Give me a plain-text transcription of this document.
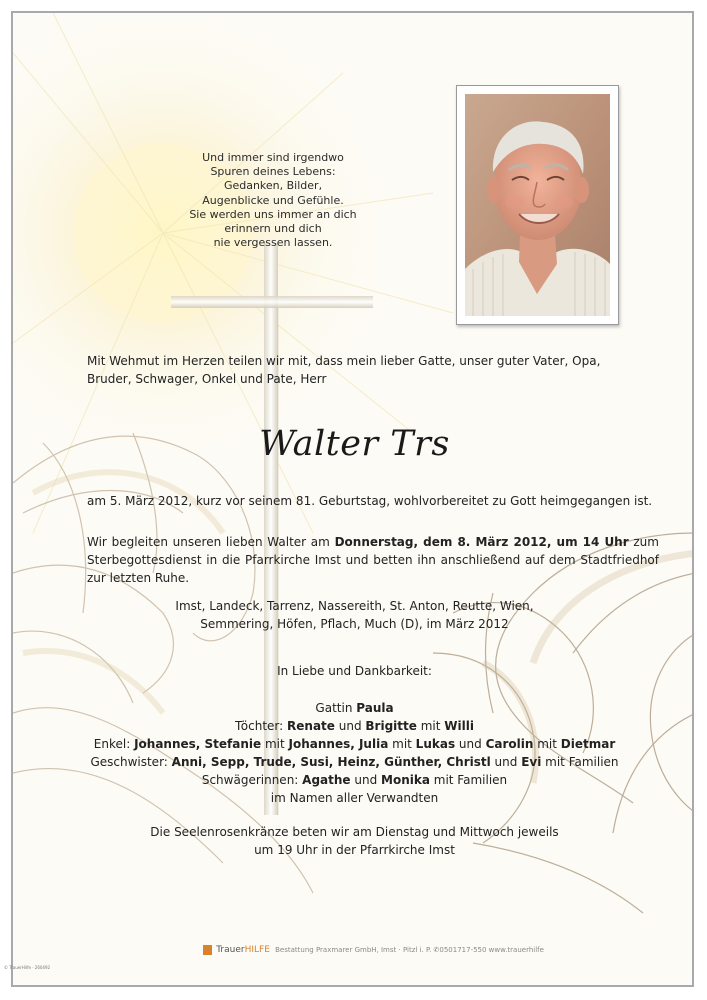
Und immer sind irgendwo
Spuren deines Lebens:
Gedanken, Bilder,
Augenblicke und Gefühle.
Sie werden uns immer an dich
erinnern und dich
nie vergessen lassen.
Mit Wehmut im Herzen teilen wir mit, dass mein lieber Gatte, unser guter Vater, Opa, Bruder, Schwager, Onkel und Pate, Herr
Walter Trs
am 5. März 2012, kurz vor seinem 81. Geburtstag, wohlvorbereitet zu Gott heimgegangen ist.
Wir begleiten unseren lieben Walter am Donnerstag, dem 8. März 2012, um 14 Uhr zum Sterbegottesdienst in die Pfarrkirche Imst und betten ihn anschließend auf dem Stadtfriedhof zur letzten Ruhe.
Imst, Landeck, Tarrenz, Nassereith, St. Anton, Reutte, Wien,
Semmering, Höfen, Pflach, Much (D), im März 2012
In Liebe und Dankbarkeit:
Gattin Paula
Töchter: Renate und Brigitte mit Willi
Enkel: Johannes, Stefanie mit Johannes, Julia mit Lukas und Carolin mit Dietmar
Geschwister: Anni, Sepp, Trude, Susi, Heinz, Günther, Christl und Evi mit Familien
Schwägerinnen: Agathe und Monika mit Familien
im Namen aller Verwandten
Die Seelenrosenkränze beten wir am Dienstag und Mittwoch jeweils
um 19 Uhr in der Pfarrkirche Imst
TrauerHILFE Bestattung Praxmarer GmbH, Imst · Pitzl i. P. ✆0501717-550 www.trauerhilfe
© TrauerHilfe · 260492
